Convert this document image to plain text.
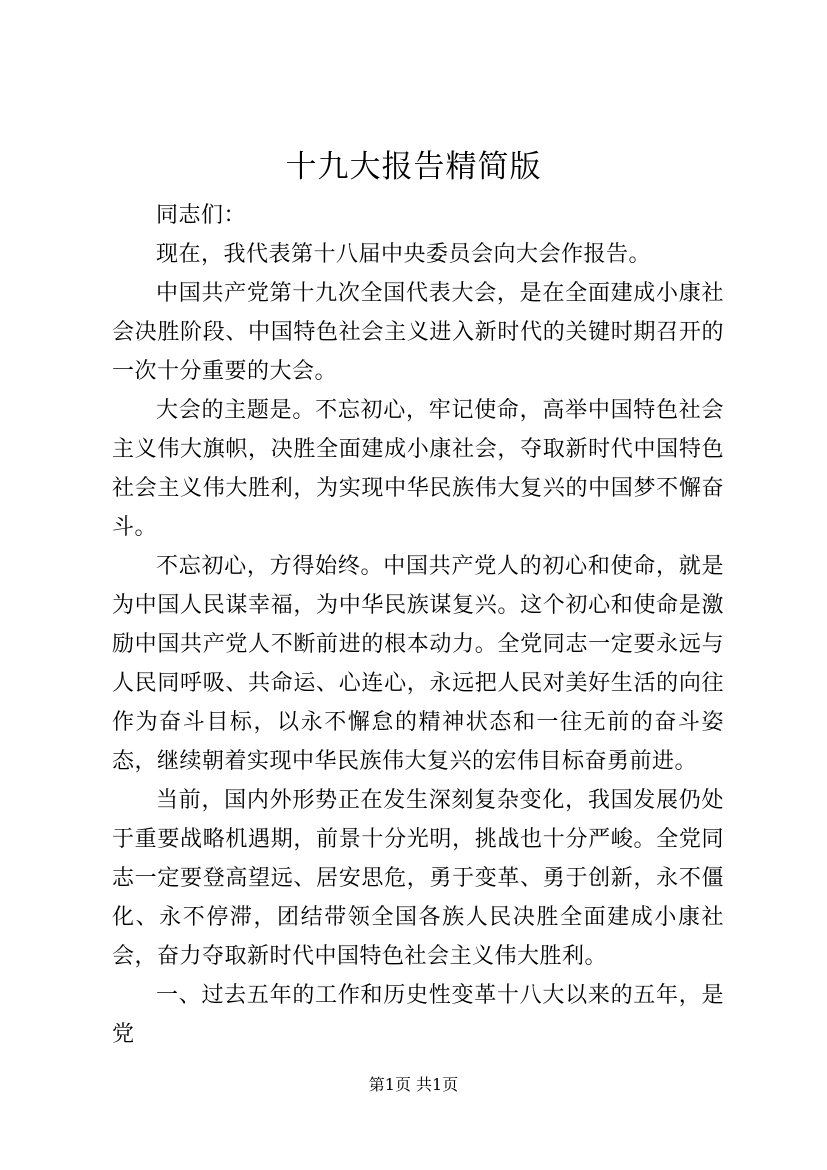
十九大报告精简版

同志们：

现在，我代表第十八届中央委员会向大会作报告。

中国共产党第十九次全国代表大会，是在全面建成小康社会决胜阶段、中国特色社会主义进入新时代的关键时期召开的一次十分重要的大会。

大会的主题是。不忘初心，牢记使命，高举中国特色社会主义伟大旗帜，决胜全面建成小康社会，夺取新时代中国特色社会主义伟大胜利，为实现中华民族伟大复兴的中国梦不懈奋斗。

不忘初心，方得始终。中国共产党人的初心和使命，就是为中国人民谋幸福，为中华民族谋复兴。这个初心和使命是激励中国共产党人不断前进的根本动力。全党同志一定要永远与人民同呼吸、共命运、心连心，永远把人民对美好生活的向往作为奋斗目标，以永不懈怠的精神状态和一往无前的奋斗姿态，继续朝着实现中华民族伟大复兴的宏伟目标奋勇前进。

当前，国内外形势正在发生深刻复杂变化，我国发展仍处于重要战略机遇期，前景十分光明，挑战也十分严峻。全党同志一定要登高望远、居安思危，勇于变革、勇于创新，永不僵化、永不停滞，团结带领全国各族人民决胜全面建成小康社会，奋力夺取新时代中国特色社会主义伟大胜利。

一、过去五年的工作和历史性变革十八大以来的五年，是党

第1页 共1页
